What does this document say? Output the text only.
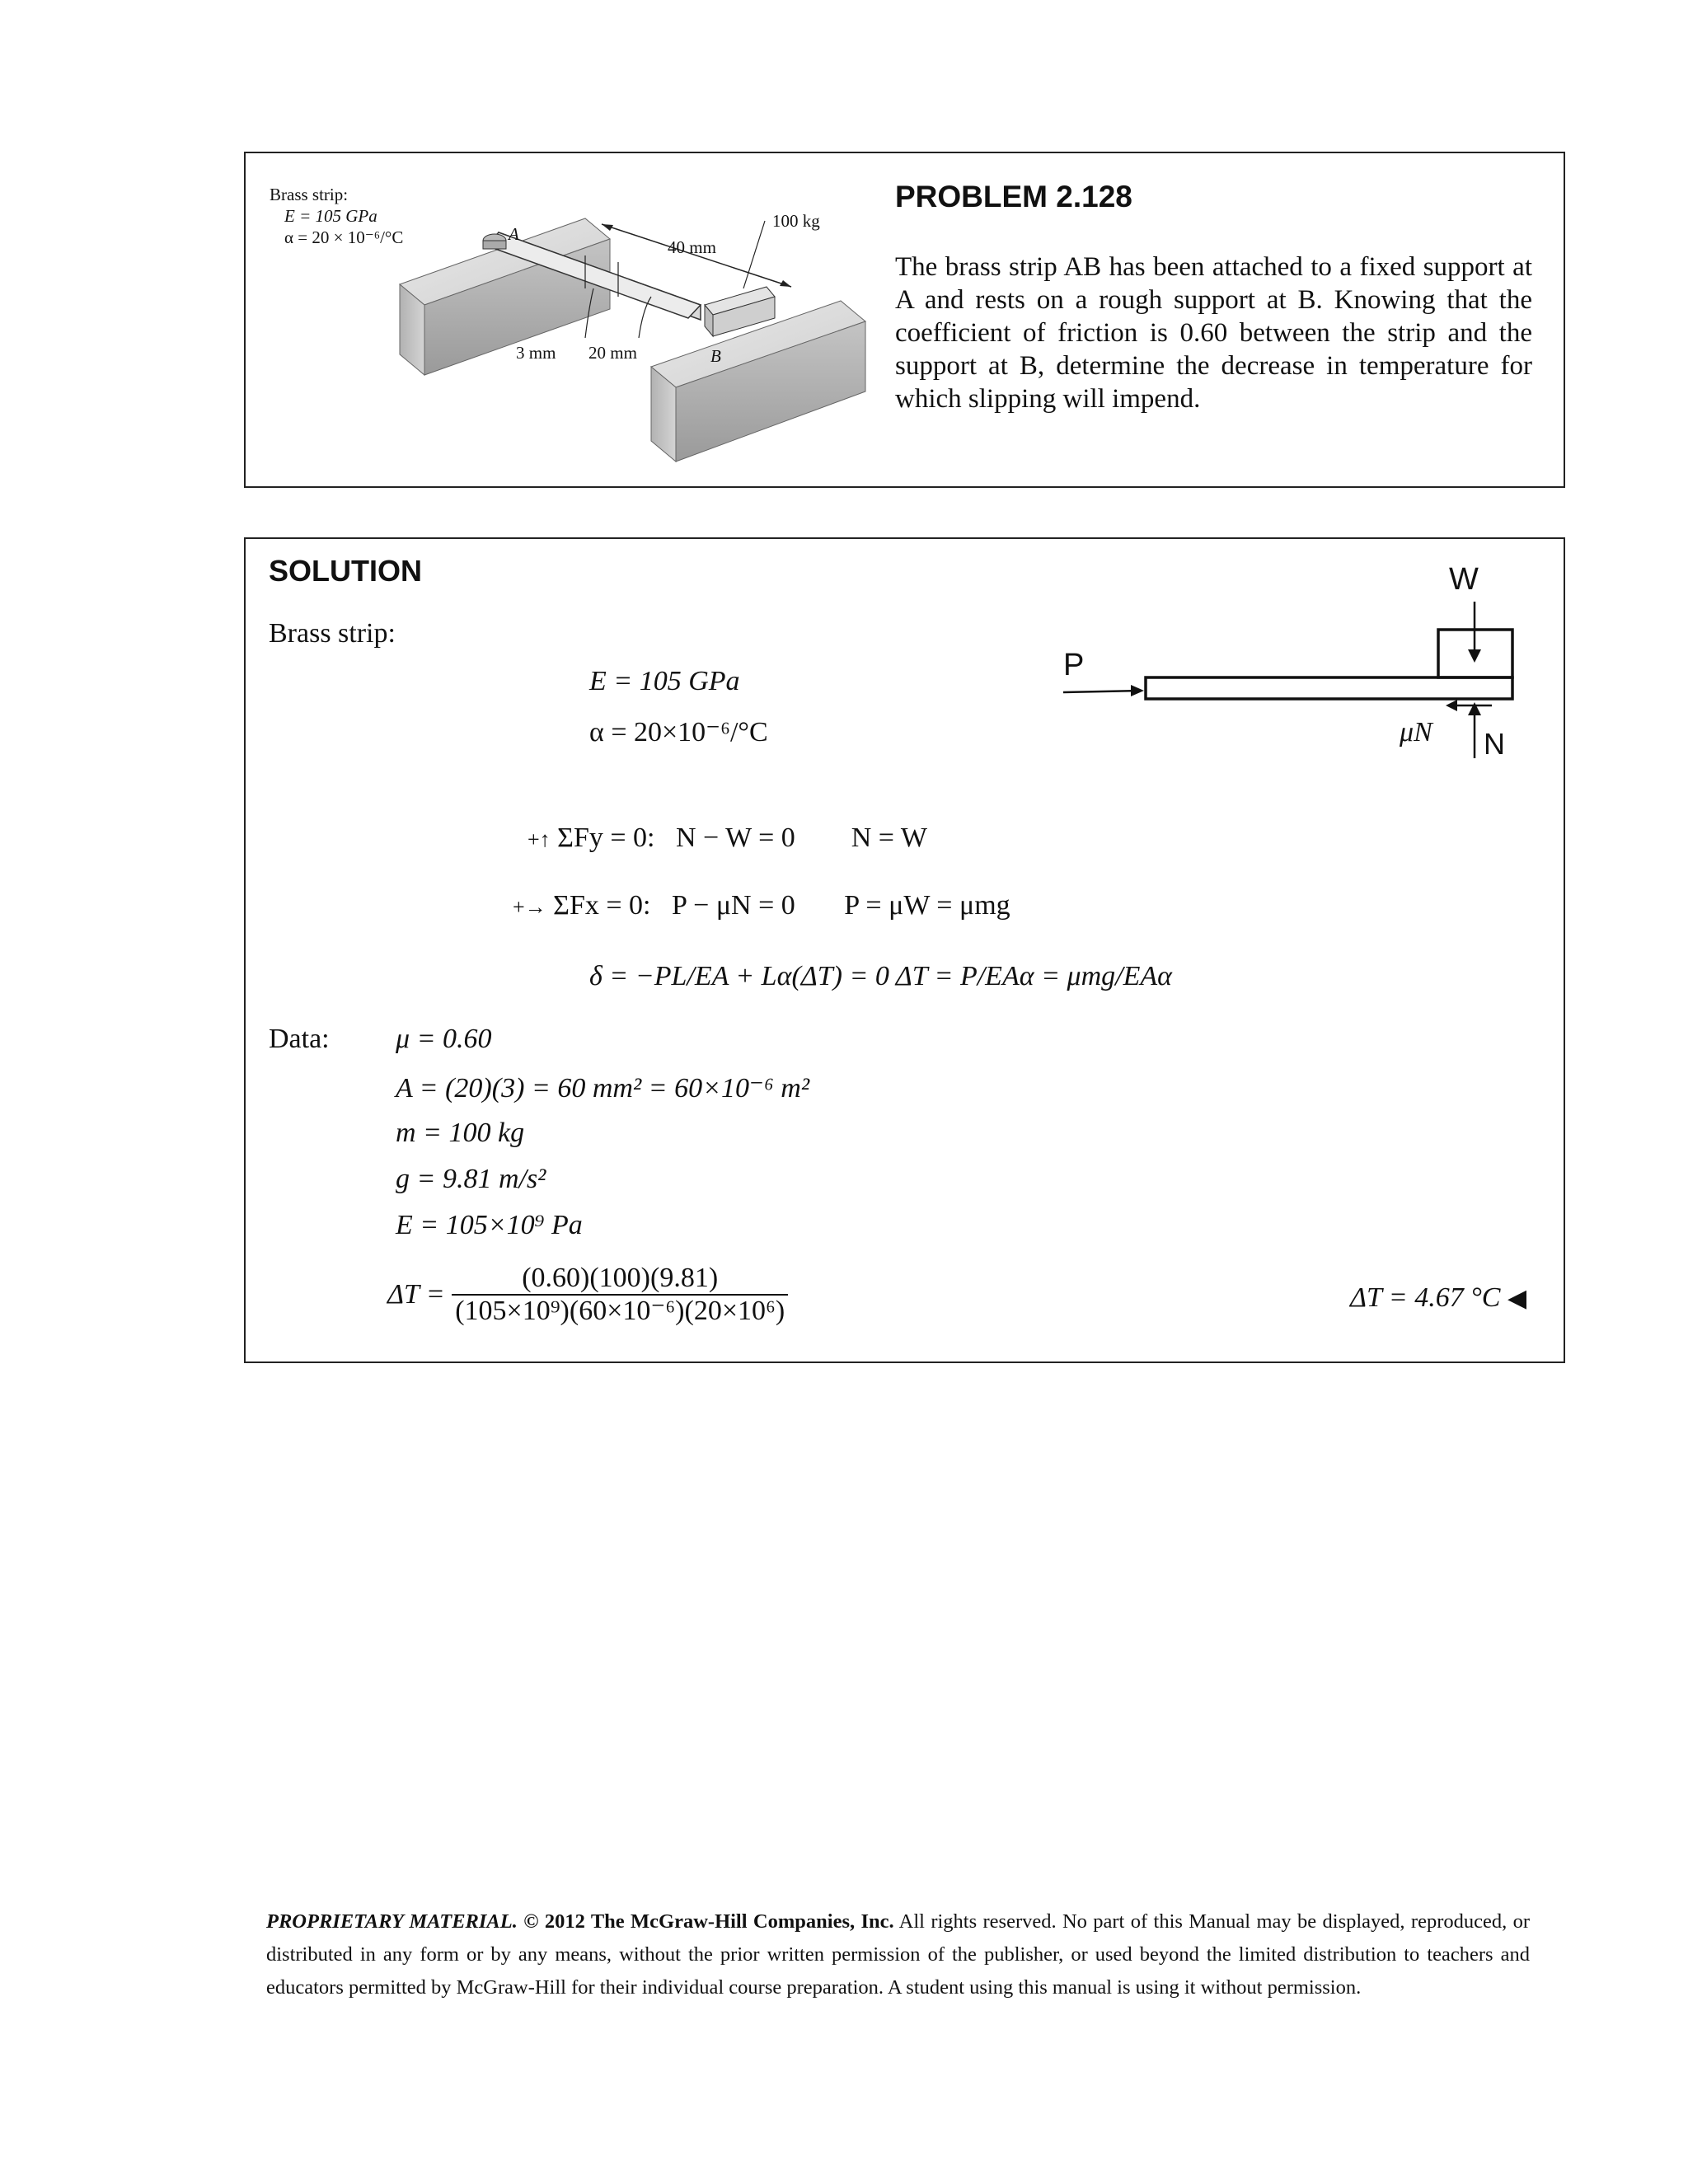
Brass strip:
E = 105 GPa
α = 20 × 10⁻⁶/°C	A
B
40 mm
3 mm 20 mm
100 kg
PROBLEM 2.128
The brass strip AB has been attached to a fixed support at A and rests on a rough support at B. Knowing that the coefficient of friction is 0.60 between the strip and the support at B, determine the decrease in temperature for which slipping will impend.
SOLUTION
Brass strip:
E = 105 GPa
α = 20×10⁻⁶/°C
P
W
μN N
+↑ ΣFy = 0:   N − W = 0        N = W
+→ ΣFx = 0:   P − μN = 0       P = μW = μmg
δ = −PL/EA + Lα(ΔT) = 0 ΔT = P/EAα = μmg/EAα
Data: μ = 0.60
A = (20)(3) = 60 mm² = 60×10⁻⁶ m²
m = 100 kg
g = 9.81 m/s²
E = 105×10⁹ Pa
$\Delta T = \frac{(0.60)(100)(9.81)}{\text{(105×10⁹)(60×10⁻⁶)(20×10⁶)}}$	ΔT = 4.67 °C ◀
PROPRIETARY MATERIAL. © 2012 The McGraw-Hill Companies, Inc. All rights reserved. No part of this Manual may be displayed, reproduced, or distributed in any form or by any means, without the prior written permission of the publisher, or used beyond the limited distribution to teachers and educators permitted by McGraw-Hill for their individual course preparation. A student using this manual is using it without permission.
